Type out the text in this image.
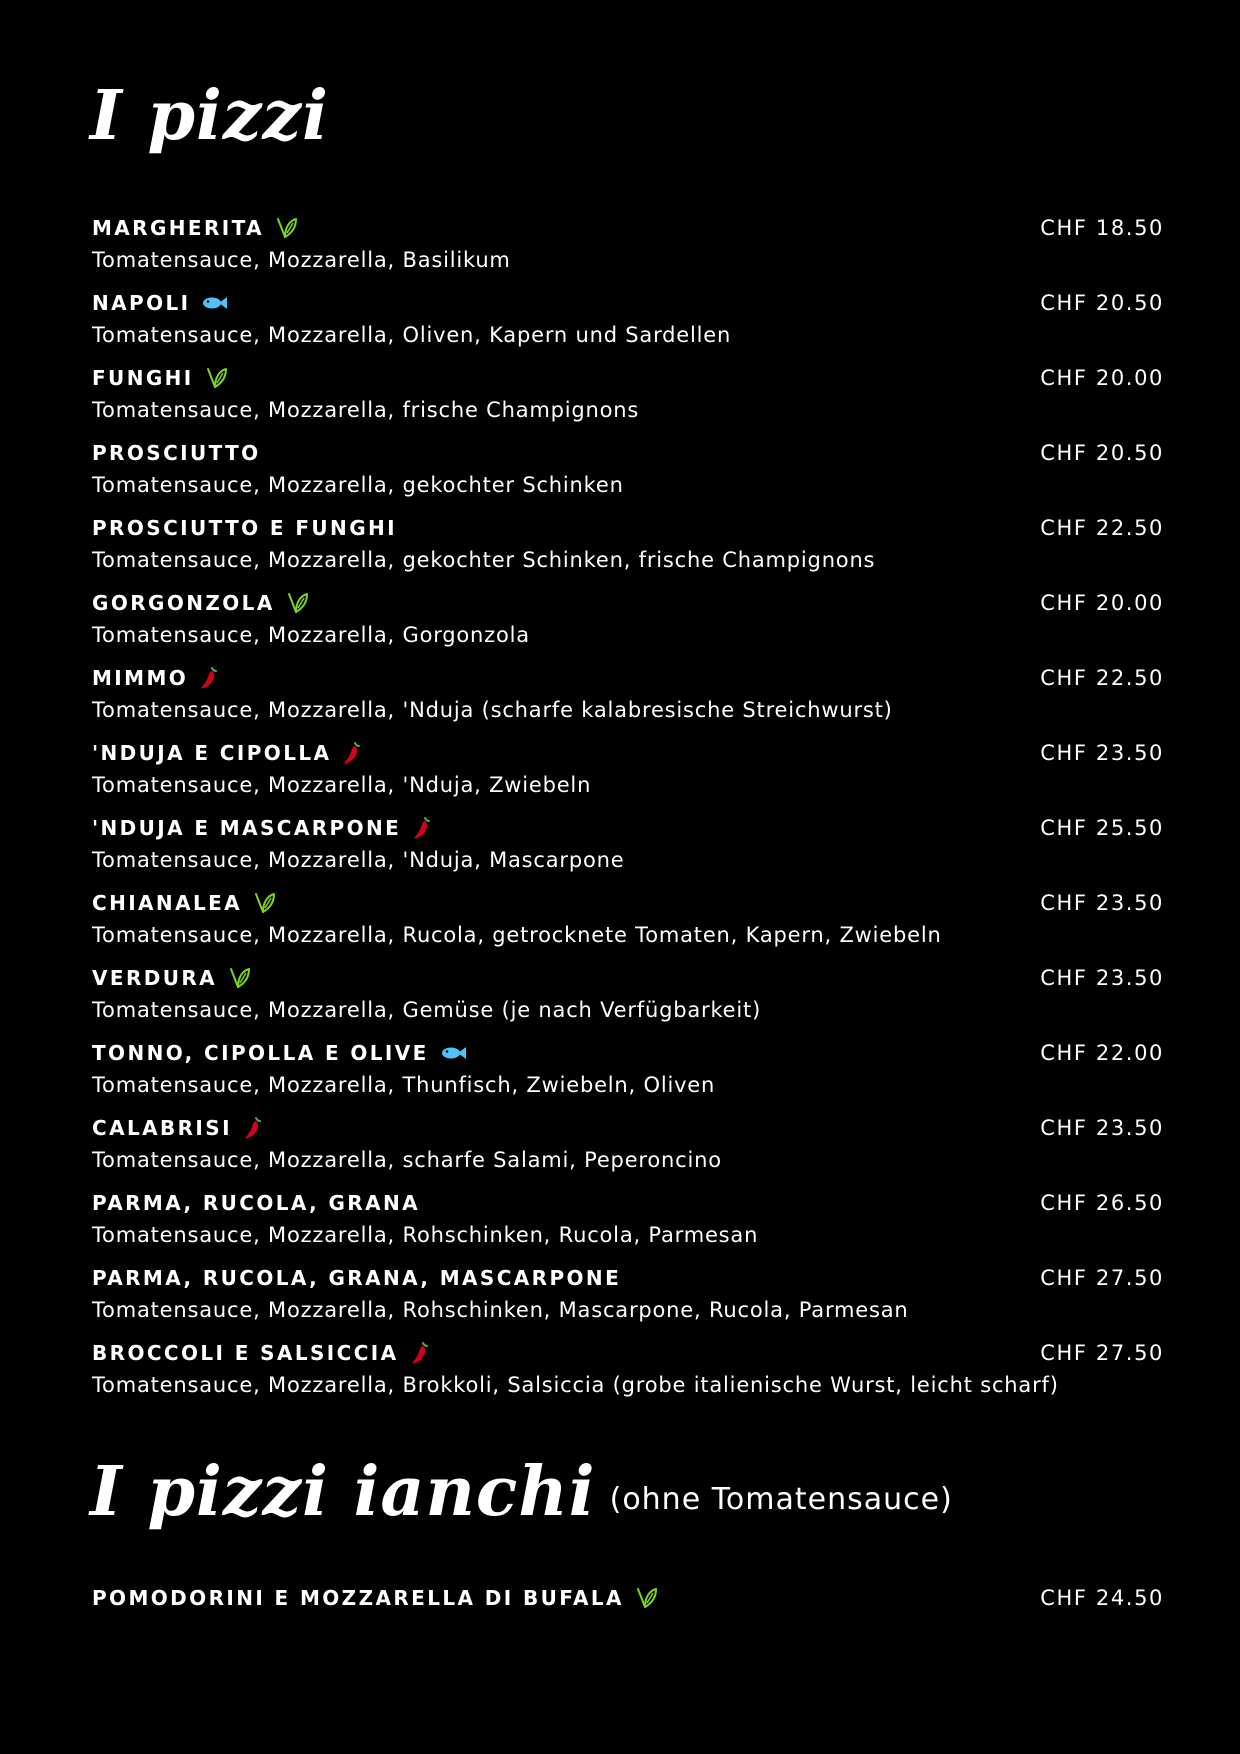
I pizzi
MARGHERITA	CHF 18.50
Tomatensauce, Mozzarella, Basilikum
NAPOLI	CHF 20.50
Tomatensauce, Mozzarella, Oliven, Kapern und Sardellen
FUNGHI	CHF 20.00
Tomatensauce, Mozzarella, frische Champignons
PROSCIUTTO	CHF 20.50
Tomatensauce, Mozzarella, gekochter Schinken
PROSCIUTTO E FUNGHI	CHF 22.50
Tomatensauce, Mozzarella, gekochter Schinken, frische Champignons
GORGONZOLA	CHF 20.00
Tomatensauce, Mozzarella, Gorgonzola
MIMMO	CHF 22.50
Tomatensauce, Mozzarella, 'Nduja (scharfe kalabresische Streichwurst)
'NDUJA E CIPOLLA	CHF 23.50
Tomatensauce, Mozzarella, 'Nduja, Zwiebeln
'NDUJA E MASCARPONE	CHF 25.50
Tomatensauce, Mozzarella, 'Nduja, Mascarpone
CHIANALEA	CHF 23.50
Tomatensauce, Mozzarella, Rucola, getrocknete Tomaten, Kapern, Zwiebeln
VERDURA	CHF 23.50
Tomatensauce, Mozzarella, Gemüse (je nach Verfügbarkeit)
TONNO, CIPOLLA E OLIVE	CHF 22.00
Tomatensauce, Mozzarella, Thunfisch, Zwiebeln, Oliven
CALABRISI	CHF 23.50
Tomatensauce, Mozzarella, scharfe Salami, Peperoncino
PARMA, RUCOLA, GRANA	CHF 26.50
Tomatensauce, Mozzarella, Rohschinken, Rucola, Parmesan
PARMA, RUCOLA, GRANA, MASCARPONE	CHF 27.50
Tomatensauce, Mozzarella, Rohschinken, Mascarpone, Rucola, Parmesan
BROCCOLI E SALSICCIA	CHF 27.50
Tomatensauce, Mozzarella, Brokkoli, Salsiccia (grobe italienische Wurst, leicht scharf)
I pizzi ianchi (ohne Tomatensauce)
POMODORINI E MOZZARELLA DI BUFALA	CHF 24.50
